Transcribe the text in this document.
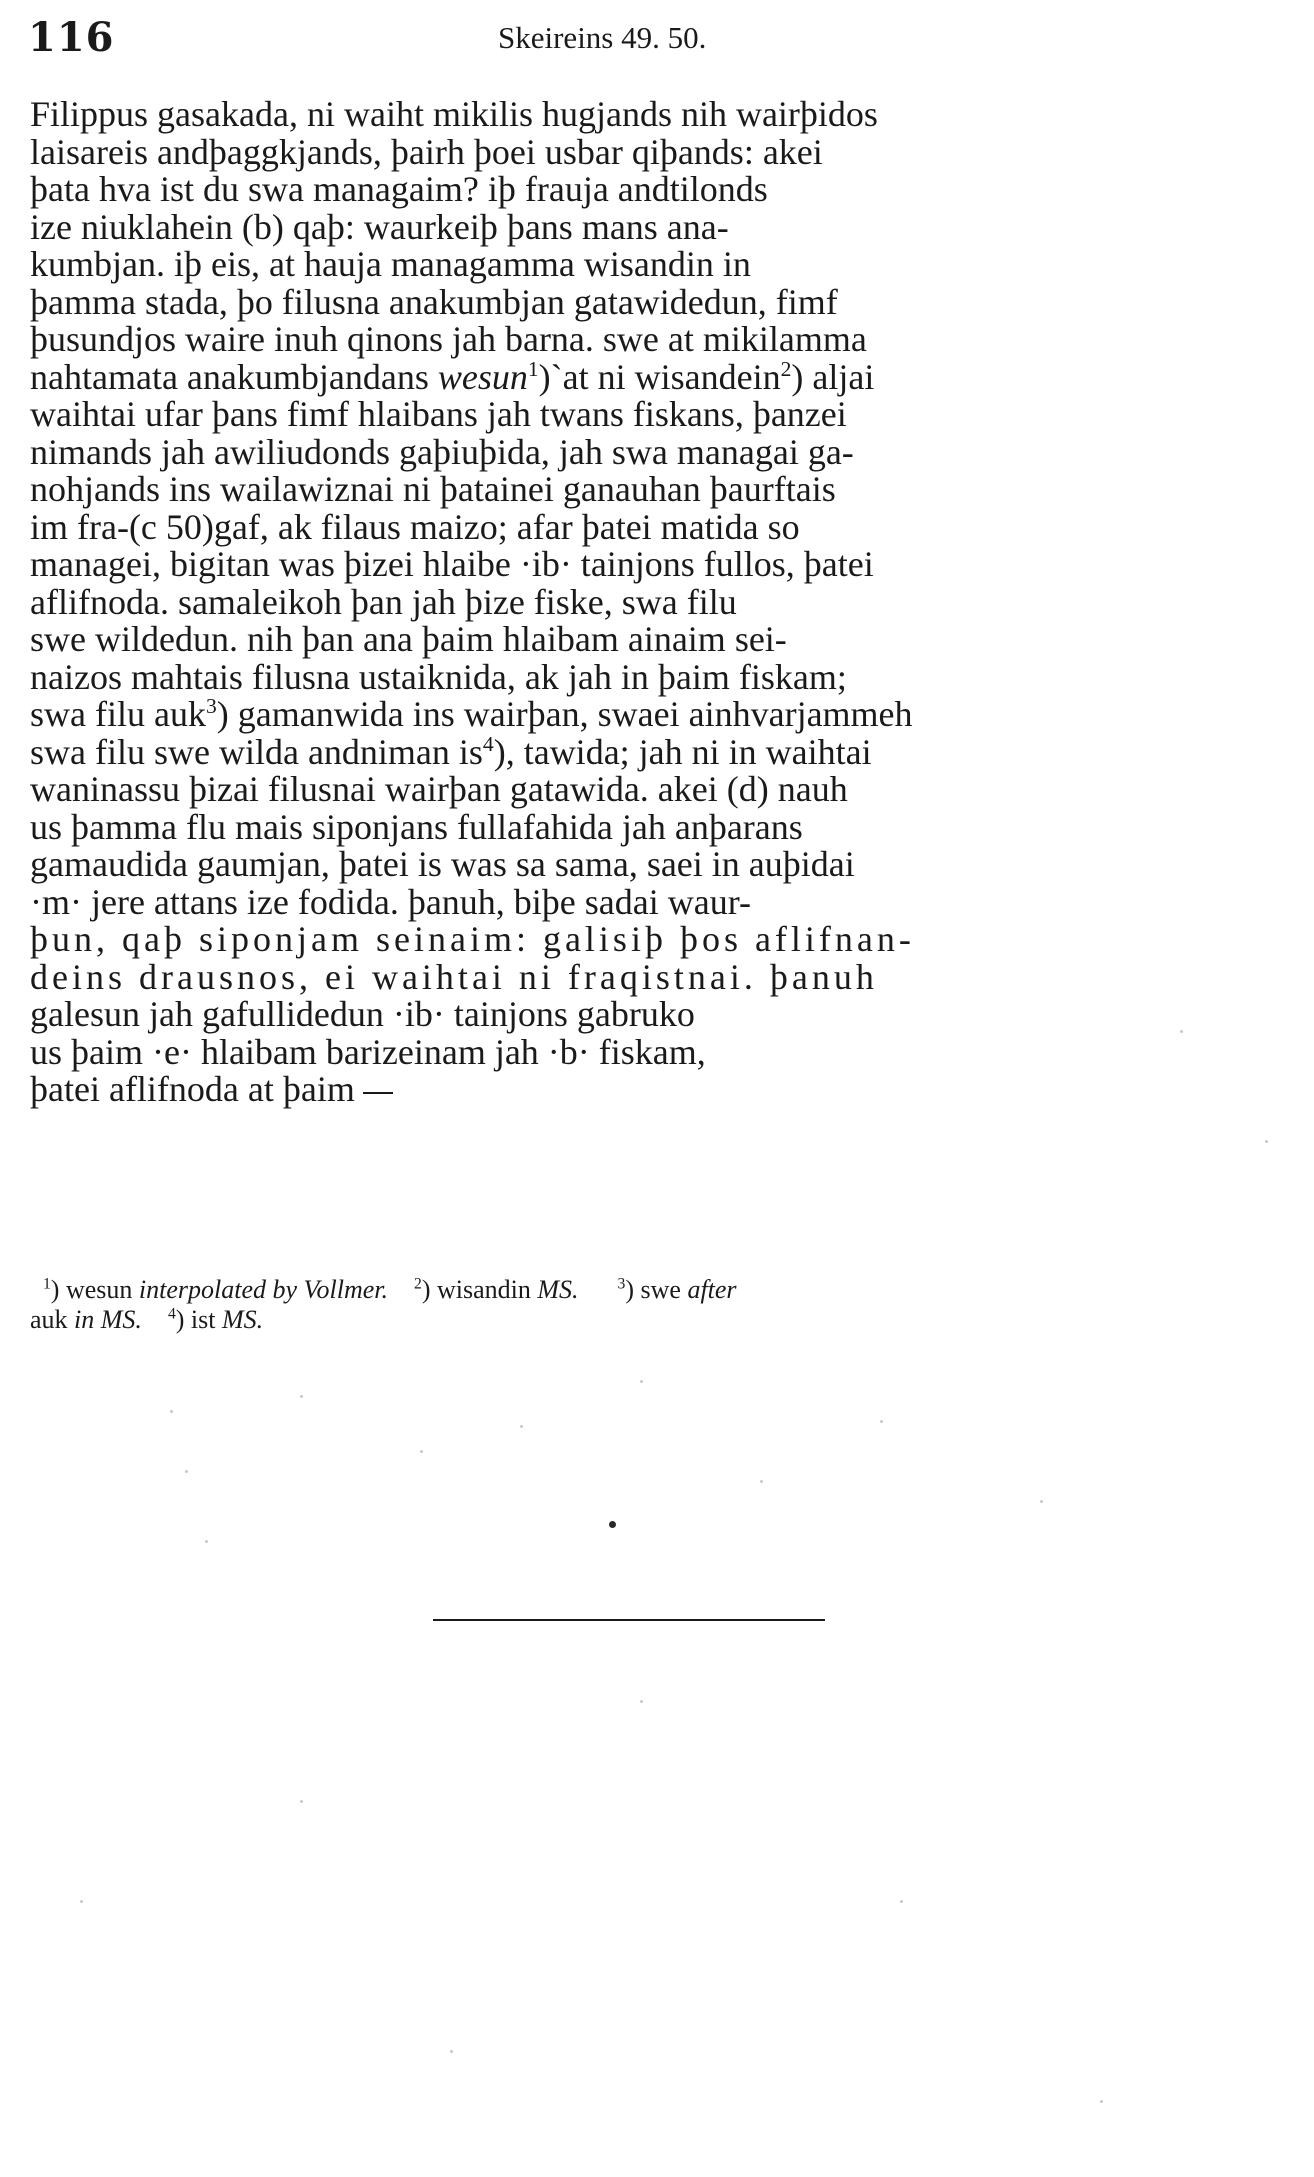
116	Skeireins 49. 50.
Filippus gasakada, ni waiht mikilis hugjands nih wairþidos
laisareis andþaggkjands, þairh þoei usbar qiþands: akei
þata hva ist du swa managaim? iþ frauja andtilonds
ize niuklahein (b) qaþ: waurkeiþ þans mans ana-
kumbjan. iþ eis, at hauja managamma wisandin in
þamma stada, þo filusna anakumbjan gatawidedun, fimf
þusundjos waire inuh qinons jah barna. swe at mikilamma
nahtamata anakumbjandans wesun$^1$)`at ni wisandein$^2$) aljai
waihtai ufar þans fimf hlaibans jah twans fiskans, þanzei
nimands jah awiliudonds gaþiuþida, jah swa managai ga-
nohjands ins wailawiznai ni þatainei ganauhan þaurftais
im fra-(c 50)gaf, ak filaus maizo; afar þatei matida so
managei, bigitan was þizei hlaibe ·ib· tainjons fullos, þatei
aflifnoda. samaleikoh þan jah þize fiske, swa filu
swe wildedun. nih þan ana þaim hlaibam ainaim sei-
naizos mahtais filusna ustaiknida, ak jah in þaim fiskam;
swa filu auk$^3$) gamanwida ins wairþan, swaei ainhvarjammeh
swa filu swe wilda andniman $is^4$), tawida; jah ni in waihtai
waninassu þizai filusnai wairþan gatawida. akei (d) nauh
us þamma flu mais siponjans fullafahida jah anþarans
gamaudida gaumjan, þatei is was sa sama, saei in auþidai
·m· jere attans ize fodida. þanuh, biþe sadai waur-
þun, qaþ siponjam seinaim: galisiþ þos aflifnan-
deins drausnos, ei waihtai ni fraqistnai. þanuh
galesun jah gafullidedun ·ib· tainjons gabruko
us þaim ·e· hlaibam barizeinam jah ·b· fiskam,
þatei aflifnoda at þaim
$^1$) wesun interpolated by Vollmer. $^2$) wisandin MS.	$^3$) swe after
auk in MS. $^4$) ist MS.
